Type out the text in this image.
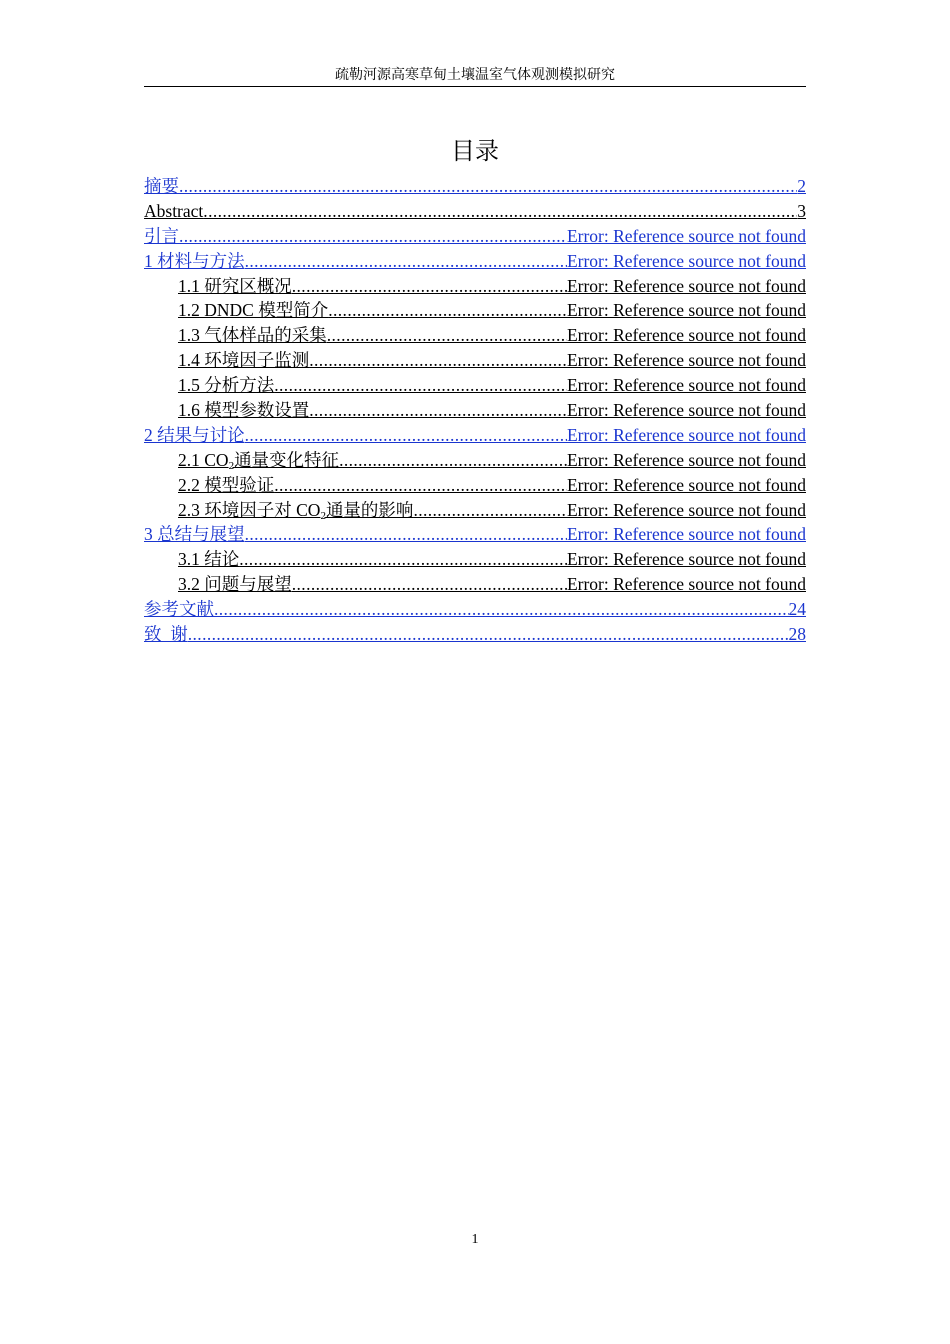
疏勒河源高寒草甸土壤温室气体观测模拟研究
目录
摘要 .....	2
Abstract .....	3
引言 .....	Error: Reference source not found
1 材料与方法 .....	Error: Reference source not found
1.1 研究区概况 .....	Error: Reference source not found
1.2 DNDC 模型简介 .....	Error: Reference source not found
1.3 气体样品的采集 .....	Error: Reference source not found
1.4 环境因子监测 .....	Error: Reference source not found
1.5 分析方法 .....	Error: Reference source not found
1.6 模型参数设置 .....	Error: Reference source not found
2 结果与讨论 .....	Error: Reference source not found
2.1 $CO_2$通量变化特征 .....	Error: Reference source not found
2.2 模型验证 .....	Error: Reference source not found
2.3 环境因子对 $CO_2$通量的影响 .....	Error: Reference source not found
3 总结与展望 .....	Error: Reference source not found
3.1 结论 .....	Error: Reference source not found
3.2 问题与展望 .....	Error: Reference source not found
参考文献 .....	24
致  谢 .....	28
1
